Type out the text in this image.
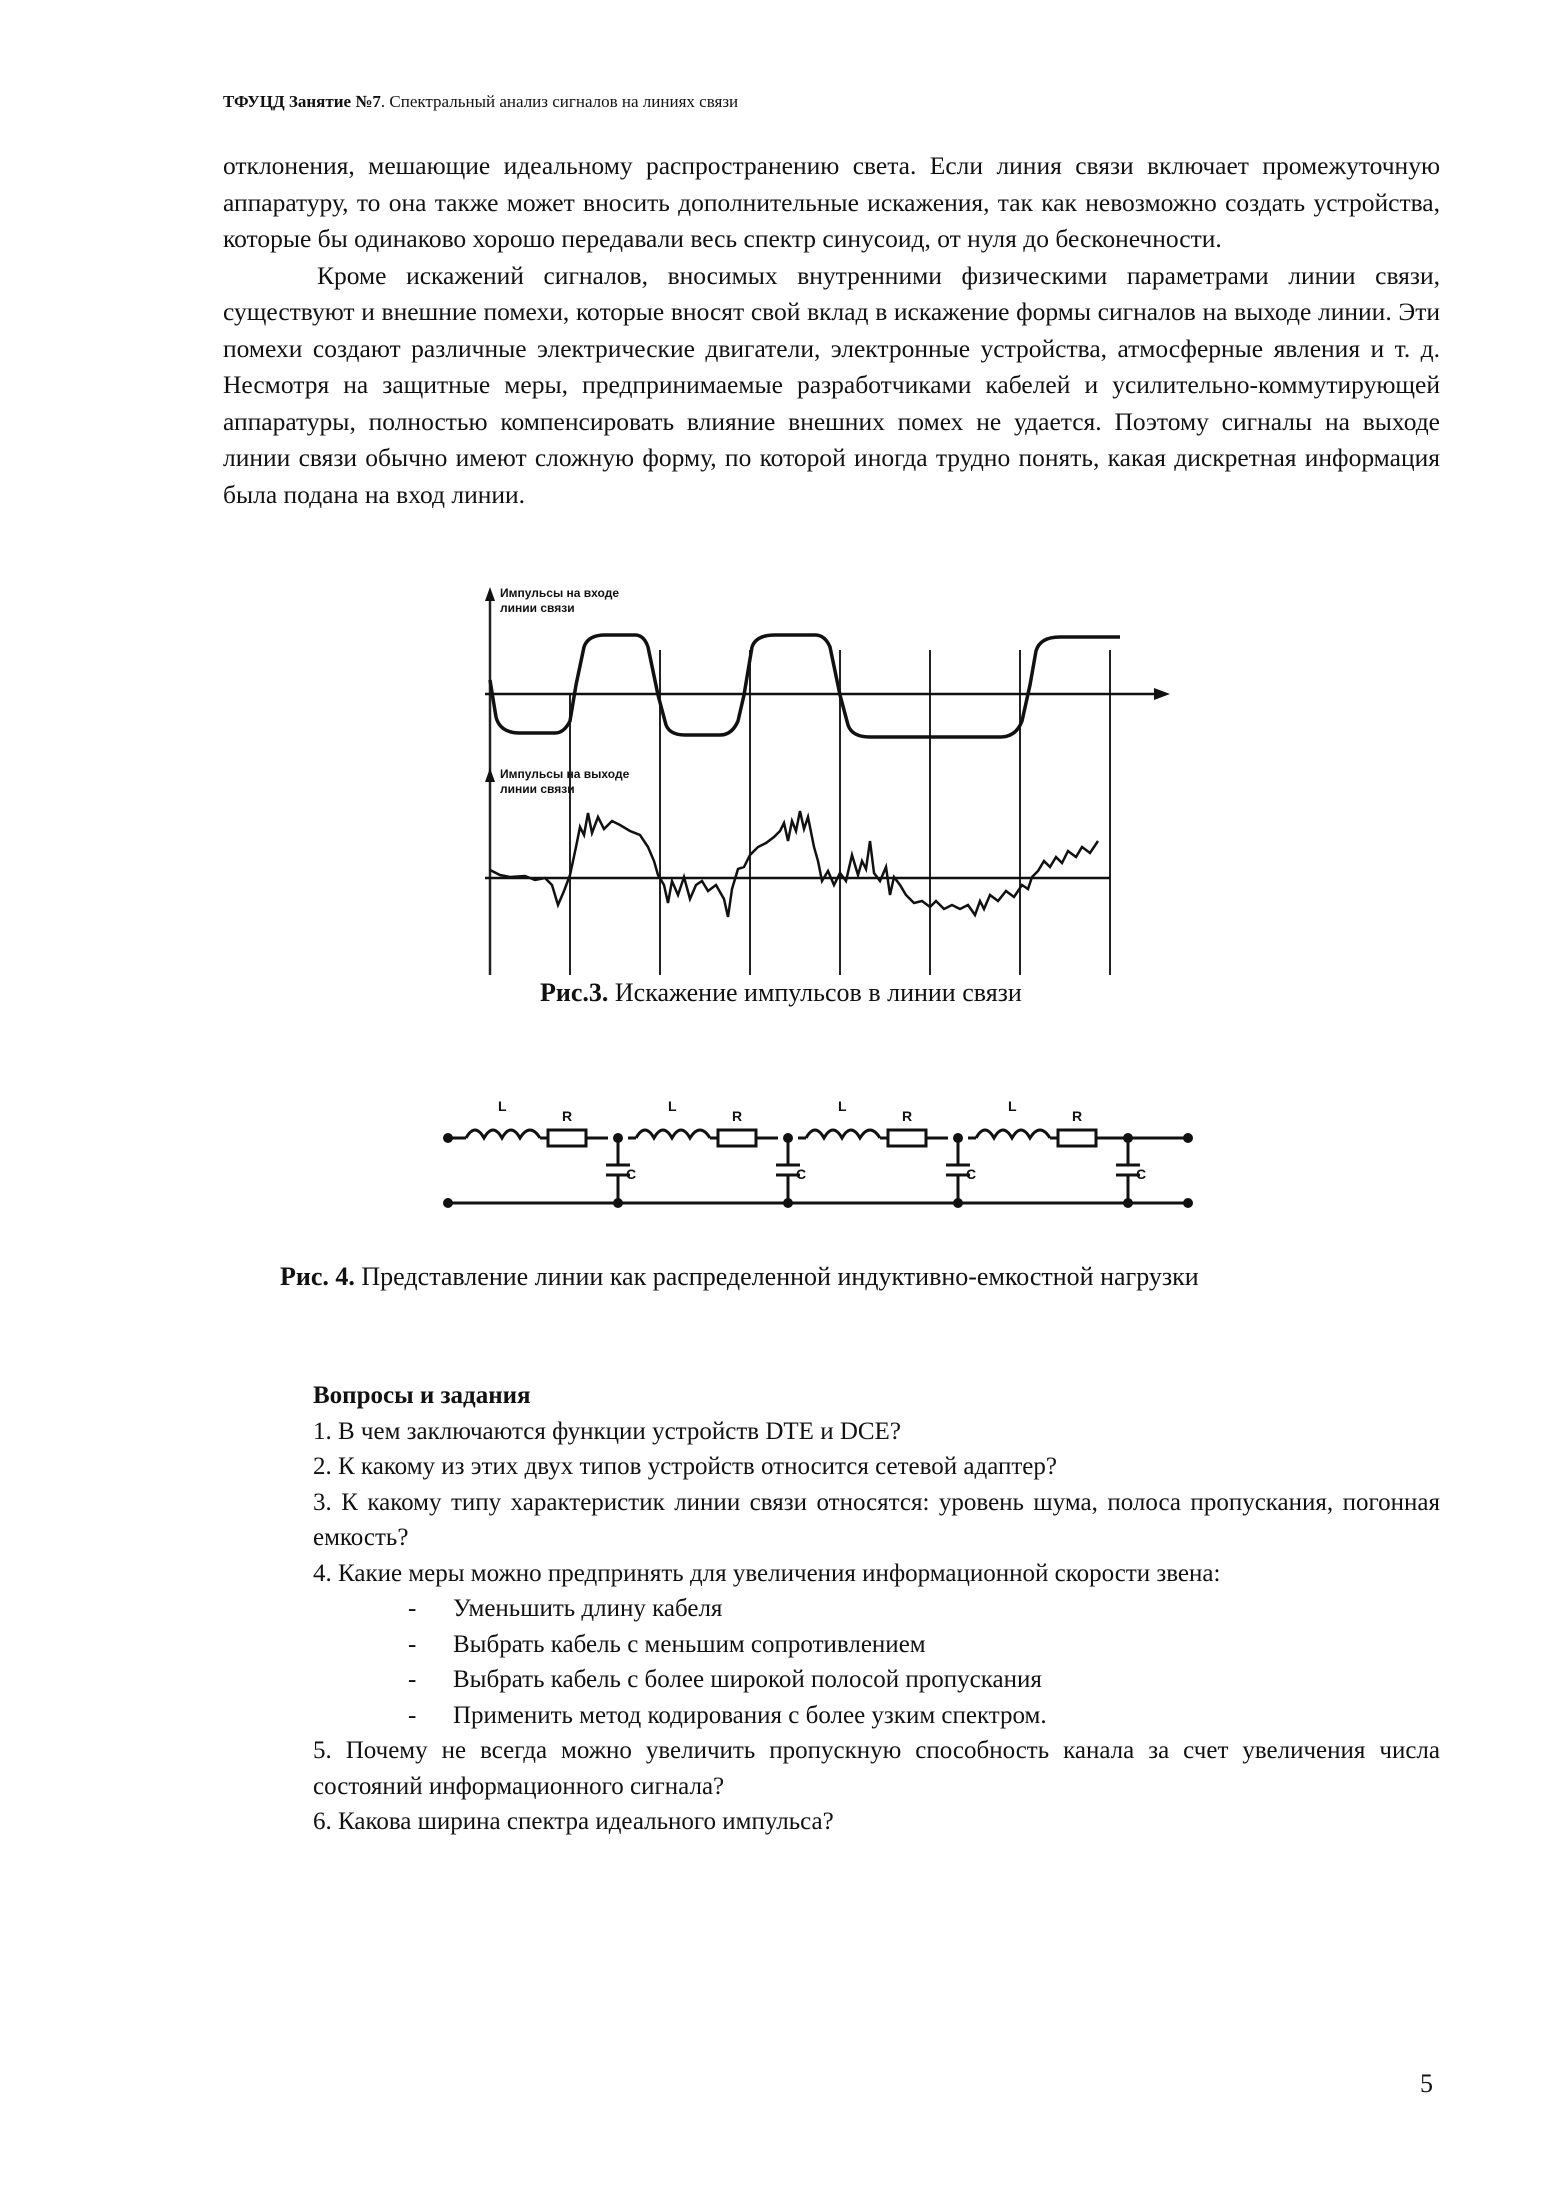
ТФУЦД Занятие №7. Спектральный анализ сигналов на линиях связи

отклонения, мешающие идеальному распространению света. Если линия связи включает промежуточную аппаратуру, то она также может вносить дополнительные искажения, так как невозможно создать устройства, которые бы одинаково хорошо передавали весь спектр синусоид, от нуля до бесконечности.

Кроме искажений сигналов, вносимых внутренними физическими параметрами линии связи, существуют и внешние помехи, которые вносят свой вклад в искажение формы сигналов на выходе линии. Эти помехи создают различные электрические двигатели, электронные устройства, атмосферные явления и т. д. Несмотря на защитные меры, предпринимаемые разработчиками кабелей и усилительно-коммутирующей аппаратуры, полностью компенсировать влияние внешних помех не удается. Поэтому сигналы на выходе линии связи обычно имеют сложную форму, по которой иногда трудно понять, какая дискретная информация была подана на вход линии.

Импульсы на входе
линии связи
Импульсы на выходе
линии связи
Рис.3. Искажение импульсов в линии связи
L
R
C
L
R
C
L
R
C
L
R
C
Рис. 4. Представление линии как распределенной индуктивно-емкостной нагрузки
Вопросы и задания
1. В чем заключаются функции устройств DTE и DCE?
2. К какому из этих двух типов устройств относится сетевой адаптер?
3. К какому типу характеристик линии связи относятся: уровень шума, полоса пропускания, погонная емкость?
4. Какие меры можно предпринять для увеличения информационной скорости звена:
- Уменьшить длину кабеля
- Выбрать кабель с меньшим сопротивлением
- Выбрать кабель с более широкой полосой пропускания
- Применить метод кодирования с более узким спектром.
5. Почему не всегда можно увеличить пропускную способность канала за счет увеличения числа состояний информационного сигнала?
6. Какова ширина спектра идеального импульса?
5
